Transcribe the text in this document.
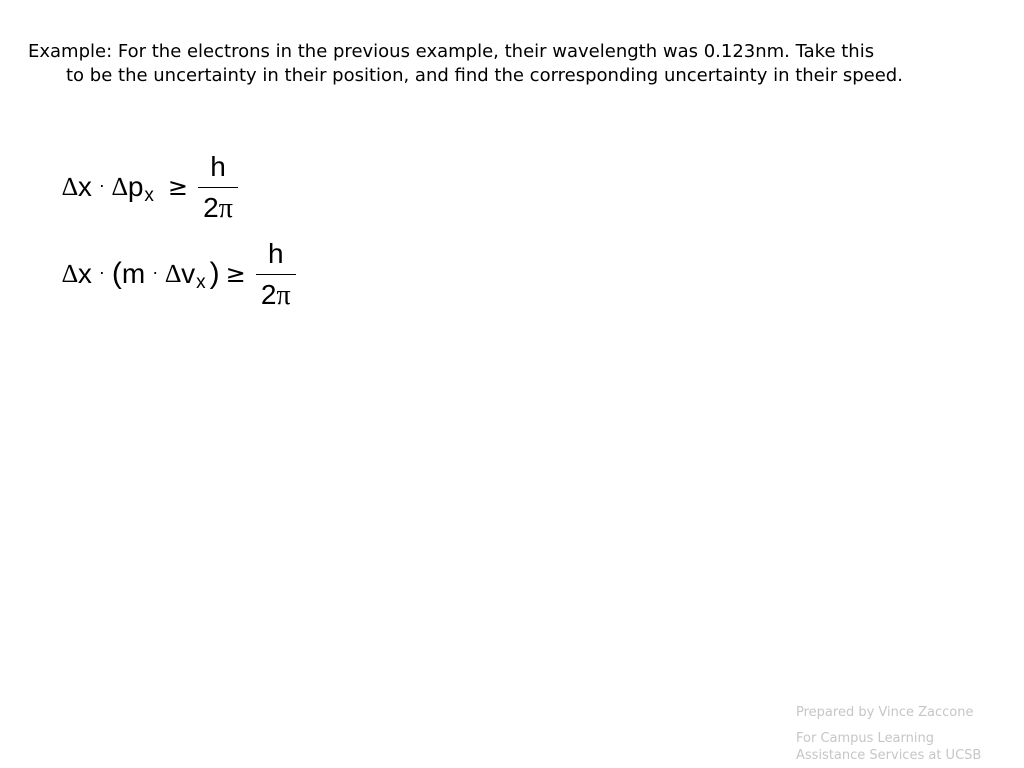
Example: For the electrons in the previous example, their wavelength was 0.123nm. Take this
to be the uncertainty in their position, and find the corresponding uncertainty in their speed.
∆ x · ∆ p $x \ge \frac{h}{2\pi}$
∆ x · ( m · ∆ v x ) ≥ $\frac{h}{2\pi}$
Prepared by Vince Zaccone
For Campus Learning
Assistance Services at UCSB
